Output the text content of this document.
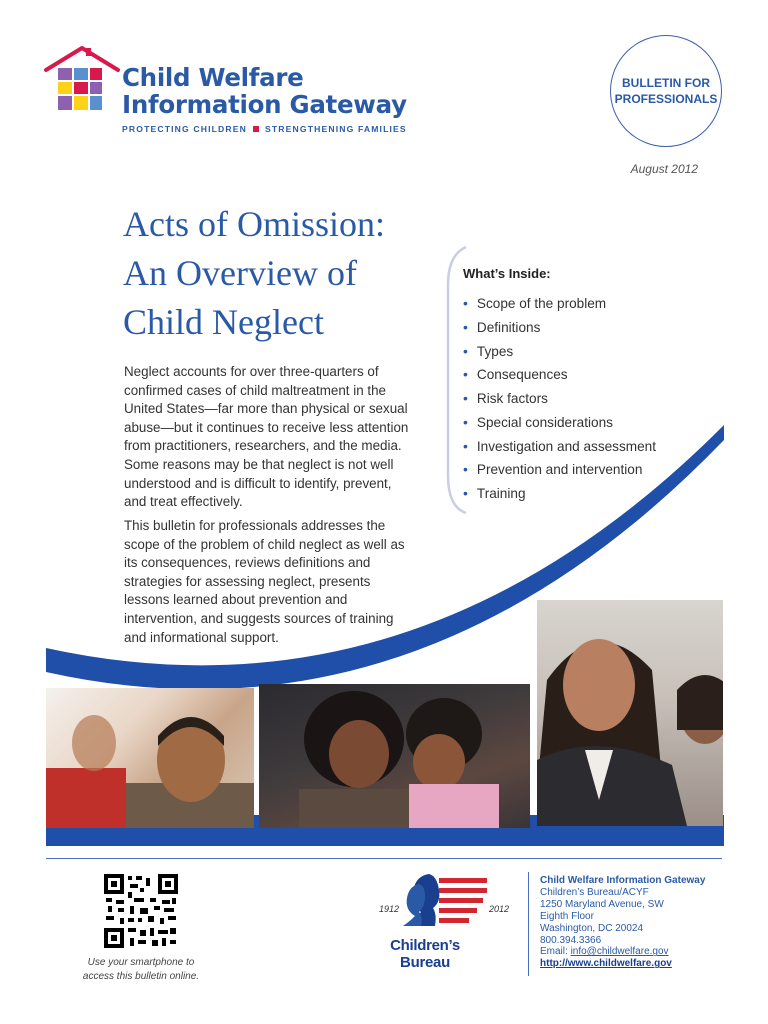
Child Welfare
Information Gateway
PROTECTING CHILDREN STRENGTHENING FAMILIES
BULLETIN FOR
PROFESSIONALS
August 2012
Acts of Omission:
An Overview of
Child Neglect

Neglect accounts for over three-quarters of confirmed cases of child maltreatment in the United States—far more than physical or sexual abuse—but it continues to receive less attention from practitioners, researchers, and the media. Some reasons may be that neglect is not well understood and is difficult to identify, prevent, and treat effectively.

This bulletin for professionals addresses the scope of the problem of child neglect as well as its consequences, reviews definitions and strategies for assessing neglect, presents lessons learned about prevention and intervention, and suggests sources of training and informational support.

What’s Inside:
• Scope of the problem
• Definitions
• Types
• Consequences
• Risk factors
• Special considerations
• Investigation and assessment
• Prevention and intervention
• Training
Use your smartphone to
access this bulletin online.
1912	2012
Children’s
Bureau
Child Welfare Information Gateway
Children’s Bureau/ACYF
1250 Maryland Avenue, SW
Eighth Floor
Washington, DC 20024
800.394.3366
Email: info@childwelfare.gov
http://www.childwelfare.gov
